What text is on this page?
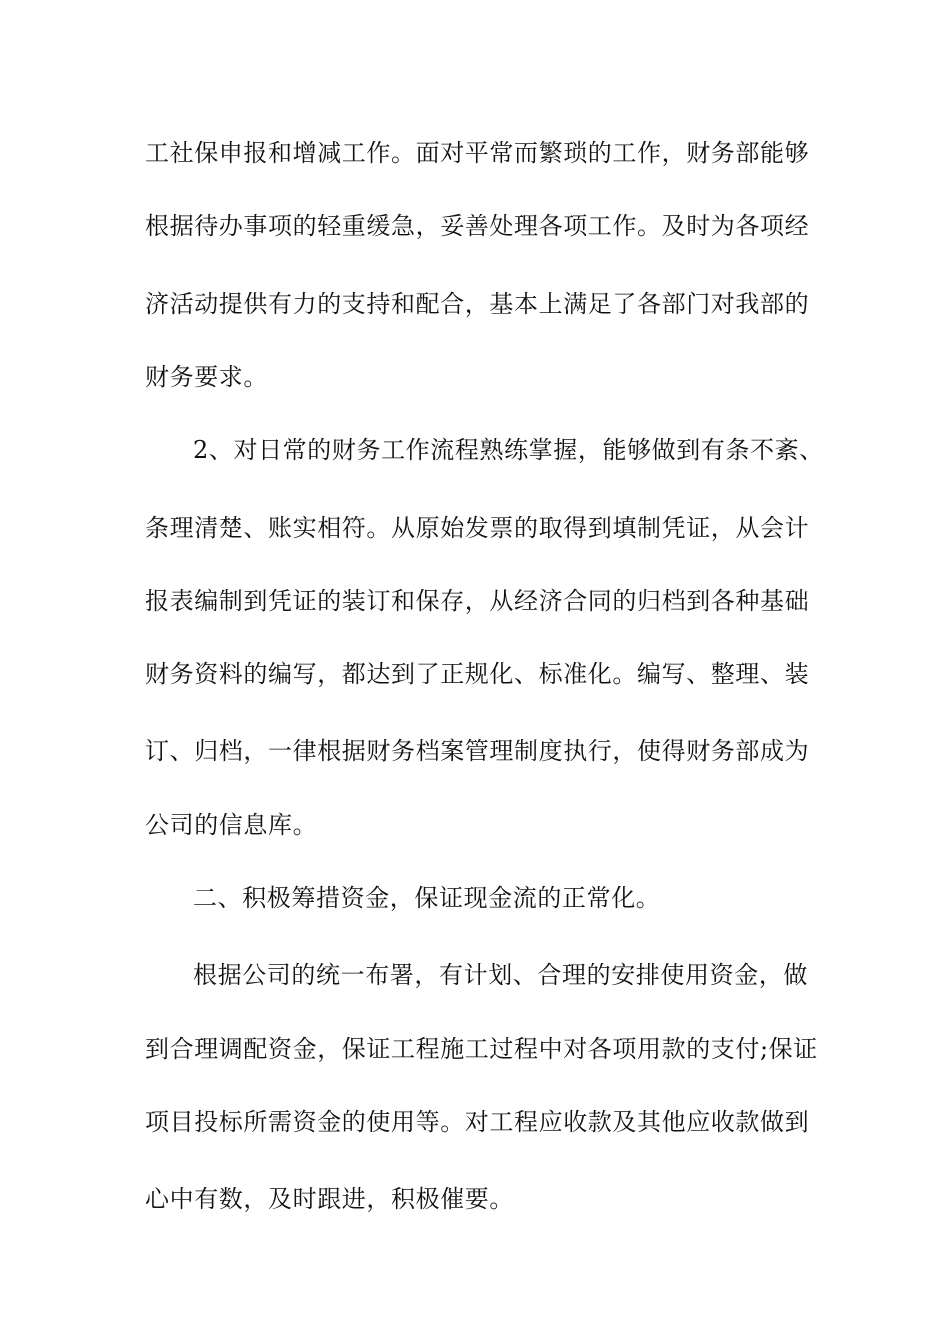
工社保申报和增减工作。面对平常而繁琐的工作，财务部能够
根据待办事项的轻重缓急，妥善处理各项工作。及时为各项经
济活动提供有力的支持和配合，基本上满足了各部门对我部的
财务要求。
2、对日常的财务工作流程熟练掌握，能够做到有条不紊、
条理清楚、账实相符。从原始发票的取得到填制凭证，从会计
报表编制到凭证的装订和保存，从经济合同的归档到各种基础
财务资料的编写，都达到了正规化、标准化。编写、整理、装
订、归档，一律根据财务档案管理制度执行，使得财务部成为
公司的信息库。
二、积极筹措资金，保证现金流的正常化。
根据公司的统一布署，有计划、合理的安排使用资金，做
到合理调配资金，保证工程施工过程中对各项用款的支付;保证
项目投标所需资金的使用等。对工程应收款及其他应收款做到
心中有数，及时跟进，积极催要。
